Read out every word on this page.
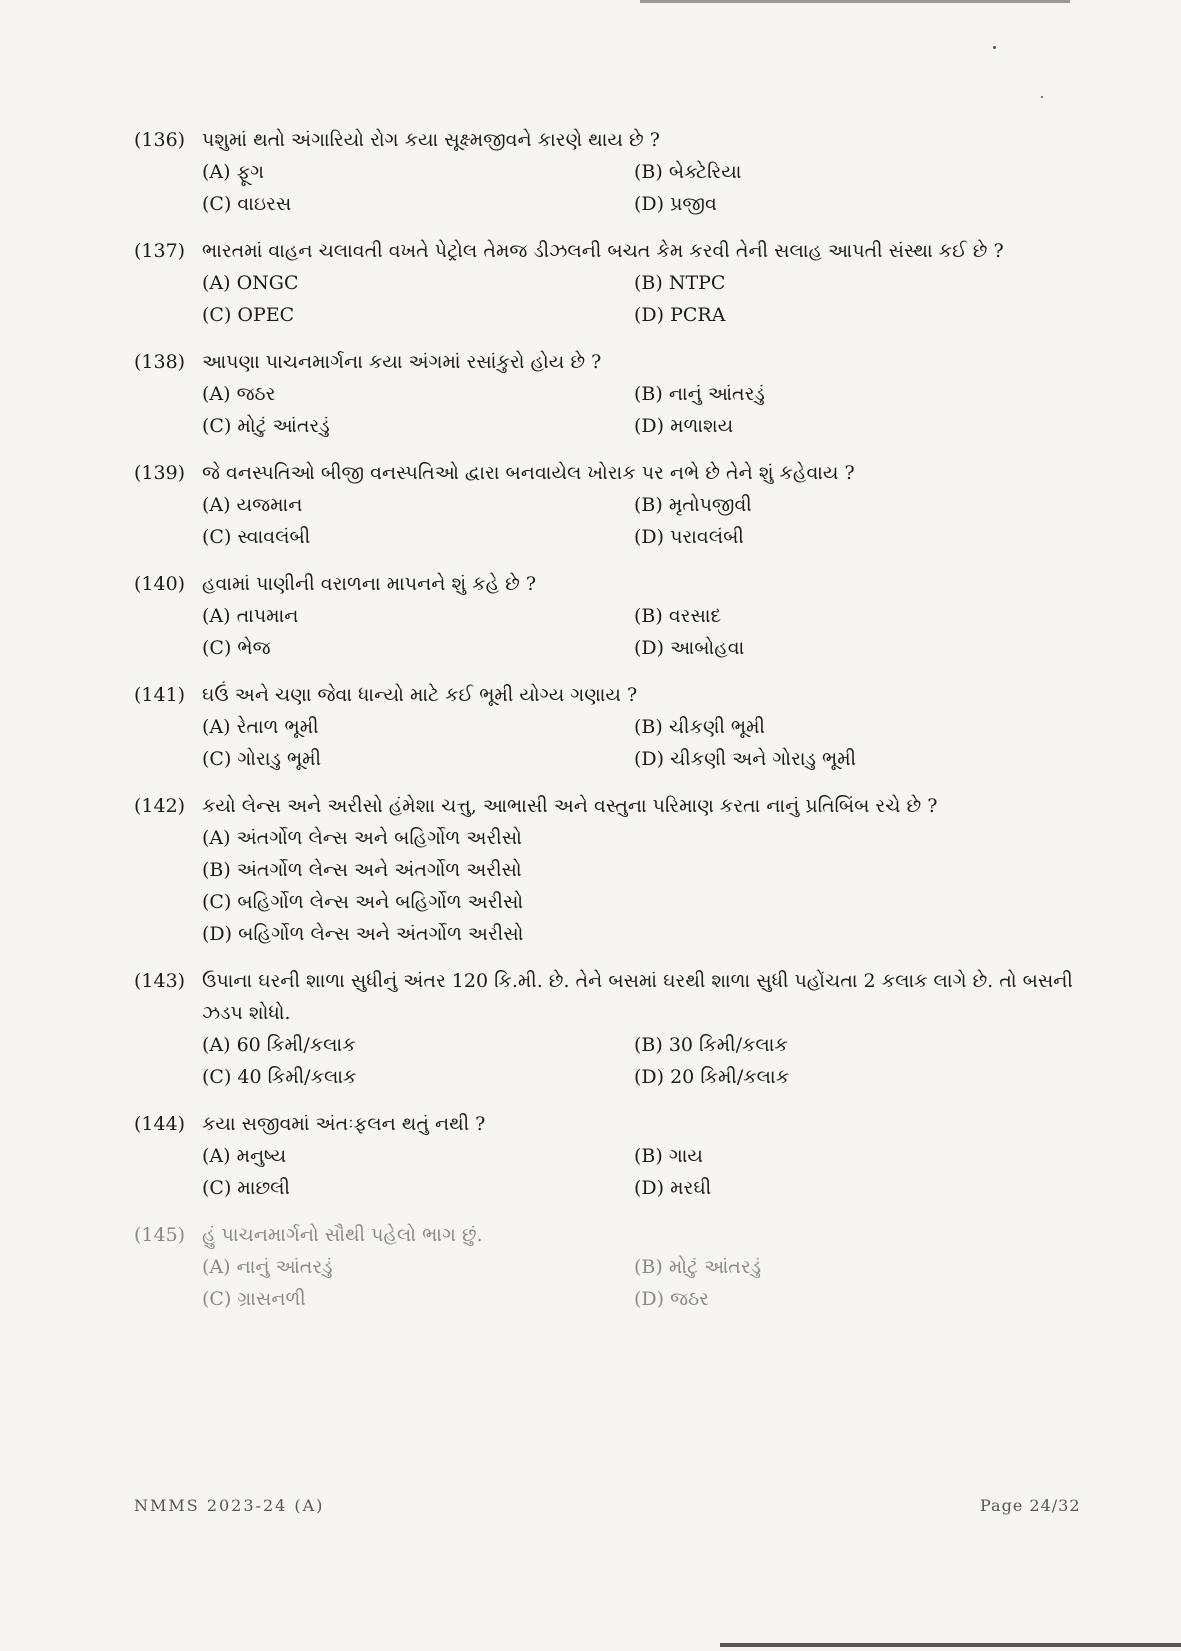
(136) પશુમાં થતો અંગારિયો રોગ કયા સૂક્ષ્મજીવને કારણે થાય છે ?
(A) ફૂગ	(B) બેક્ટેરિયા
(C) વાઇરસ	(D) પ્રજીવ
(137) ભારતમાં વાહન ચલાવતી વખતે પેટ્રોલ તેમજ ડીઝલની બચત કેમ કરવી તેની સલાહ આપતી સંસ્થા કઈ છે ?
(A) ONGC	(B) NTPC
(C) OPEC	(D) PCRA
(138) આપણા પાચનમાર્ગના કયા અંગમાં રસાંકુરો હોય છે ?
(A) જઠર	(B) નાનું આંતરડું
(C) મોટું આંતરડું	(D) મળાશય
(139) જે વનસ્પતિઓ બીજી વનસ્પતિઓ દ્વારા બનવાયેલ ખોરાક પર નભે છે તેને શું કહેવાય ?
(A) યજમાન	(B) મૃતોપજીવી
(C) સ્વાવલંબી	(D) પરાવલંબી
(140) હવામાં પાણીની વરાળના માપનને શું કહે છે ?
(A) તાપમાન	(B) વરસાદ
(C) ભેજ	(D) આબોહવા
(141) ઘઉં અને ચણા જેવા ધાન્યો માટે કઈ ભૂમી યોગ્ય ગણાય ?
(A) રેતાળ ભૂમી	(B) ચીકણી ભૂમી
(C) ગોરાડુ ભૂમી	(D) ચીકણી અને ગોરાડુ ભૂમી
(142) કયો લેન્સ અને અરીસો હંમેશા ચત્તુ, આભાસી અને વસ્તુના પરિમાણ કરતા નાનું પ્રતિબિંબ રચે છે ?
(A) અંતર્ગોળ લેન્સ અને બહિર્ગોળ અરીસો
(B) અંતર્ગોળ લેન્સ અને અંતર્ગોળ અરીસો
(C) બહિર્ગોળ લેન્સ અને બહિર્ગોળ અરીસો
(D) બહિર્ગોળ લેન્સ અને અંતર્ગોળ અરીસો
(143) ઉપાના ઘરની શાળા સુધીનું અંતર 120 કિ.મી. છે. તેને બસમાં ઘરથી શાળા સુધી પહોંચતા 2 કલાક લાગે છે. તો બસની ઝડપ શોધો.
(A) 60 કિમી/કલાક	(B) 30 કિમી/કલાક
(C) 40 કિમી/કલાક	(D) 20 કિમી/કલાક
(144) કયા સજીવમાં અંતઃફલન થતું નથી ?
(A) મનુષ્ય	(B) ગાય
(C) માછલી	(D) મરઘી
(145) હું પાચનમાર્ગનો સૌથી પહેલો ભાગ છું.
(A) નાનું આંતરડું	(B) મોટું આંતરડું
(C) ગ્રાસનળી	(D) જઠર
NMMS 2023-24 (A)	Page 24/32
